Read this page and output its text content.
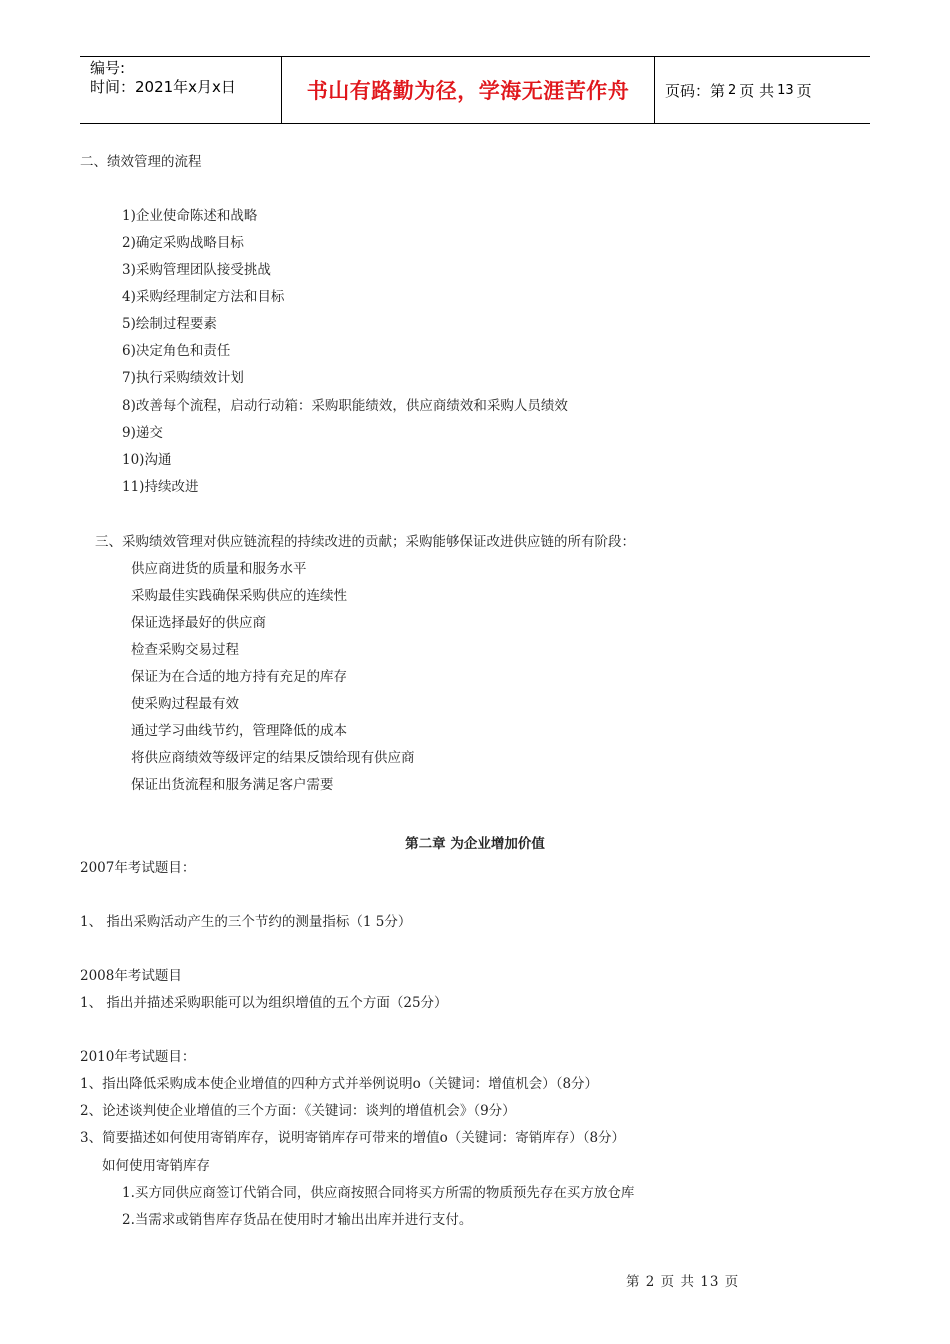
编号:
时间：2021年x月x日	书山有路勤为径，学海无涯苦作舟	页码：第 2 页 共 13 页
二、绩效管理的流程
1)企业使命陈述和战略
2)确定采购战略目标
3)采购管理团队接受挑战
4)采购经理制定方法和目标
5)绘制过程要素
6)决定角色和责任
7)执行采购绩效计划
8)改善每个流程，启动行动箱：采购职能绩效，供应商绩效和采购人员绩效
9)递交
10)沟通
11)持续改进
三、采购绩效管理对供应链流程的持续改进的贡献；采购能够保证改进供应链的所有阶段：
供应商进货的质量和服务水平
采购最佳实践确保采购供应的连续性
保证选择最好的供应商
检查采购交易过程
保证为在合适的地方持有充足的库存
使采购过程最有效
通过学习曲线节约，管理降低的成本
将供应商绩效等级评定的结果反馈给现有供应商
保证出货流程和服务满足客户需要
第二章 为企业增加价值
2007年考试题目：
1、 指出采购活动产生的三个节约的测量指标（1 5分）
2008年考试题目
1、 指出并描述采购职能可以为组织增值的五个方面（25分）
2010年考试题目：
1、指出降低采购成本使企业增值的四种方式并举例说明o（关键词：增值机会）（8分）
2、论述谈判使企业增值的三个方面：《关键词：谈判的增值机会》（9分）
3、简要描述如何使用寄销库存，说明寄销库存可带来的增值o（关键词：寄销库存）（8分）
如何使用寄销库存
1.买方同供应商签订代销合同，供应商按照合同将买方所需的物质预先存在买方放仓库
2.当需求或销售库存货品在使用时才输出出库并进行支付。
第 2 页 共 13 页
